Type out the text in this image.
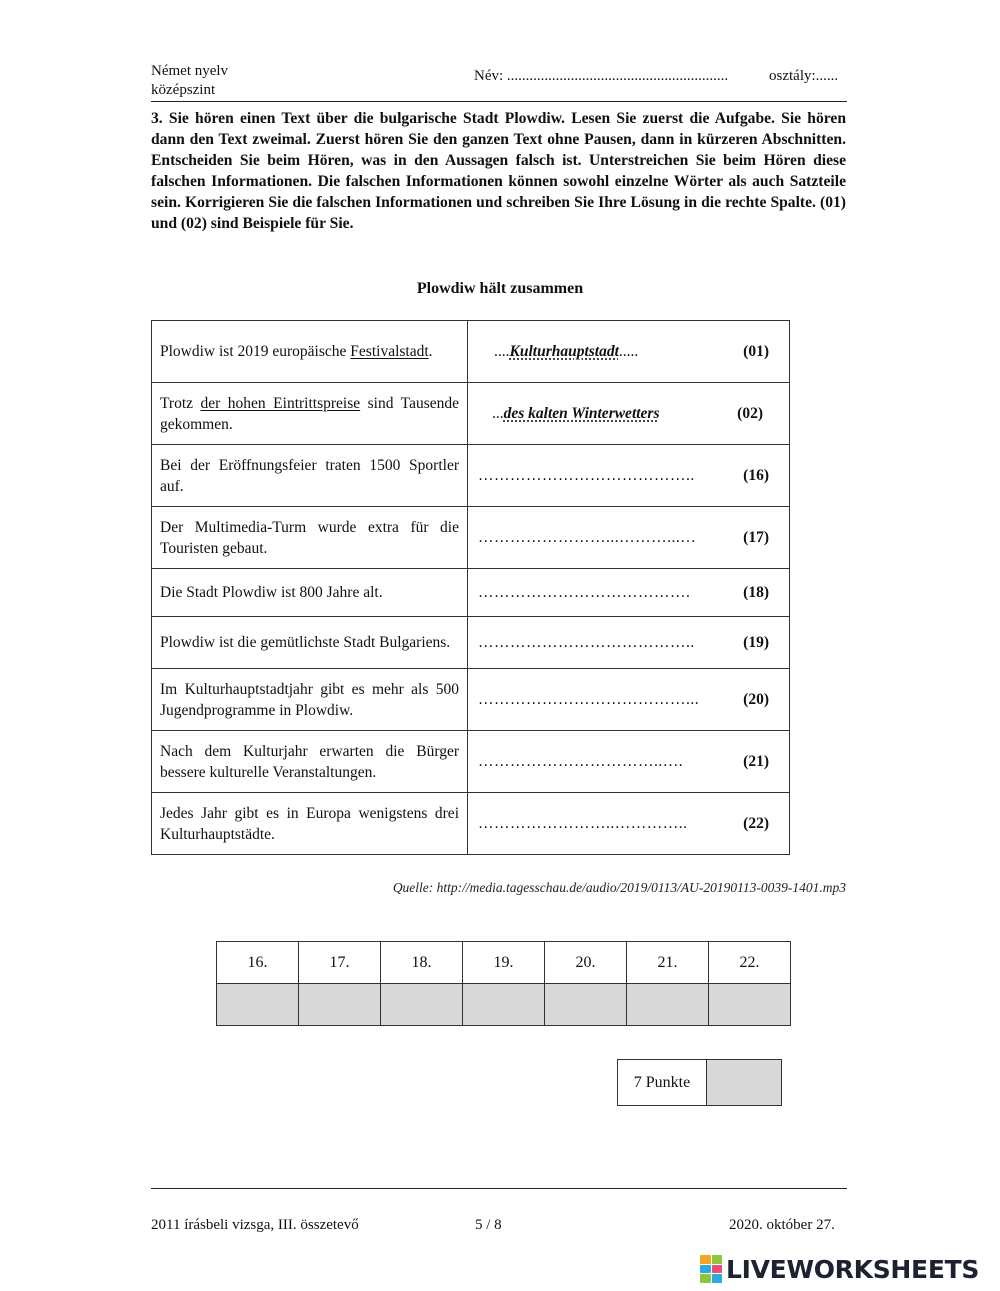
Német nyelv
középszint
Név: ...........................................................	osztály:......
3. Sie hören einen Text über die bulgarische Stadt Plowdiw. Lesen Sie zuerst die Aufgabe. Sie hören dann den Text zweimal. Zuerst hören Sie den ganzen Text ohne Pausen, dann in kürzeren Abschnitten. Entscheiden Sie beim Hören, was in den Aussagen falsch ist. Unterstreichen Sie beim Hören diese falschen Informationen. Die falschen Informationen können sowohl einzelne Wörter als auch Satzteile sein. Korrigieren Sie die falschen Informationen und schreiben Sie Ihre Lösung in die rechte Spalte. (01) und (02) sind Beispiele für Sie.
Plowdiw hält zusammen
Plowdiw ist 2019 europäische Festivalstadt.	....Kulturhauptstadt..... (01)

Trotz der hohen Eintrittspreise sind Tausende gekommen.	...des kalten Winterwetters (02)

Bei der Eröffnungsfeier traten 1500 Sportler auf.	………………………………….. (16)

Der Multimedia-Turm wurde extra für die Touristen gebaut.	……………………...………...… (17)

Die Stadt Plowdiw ist 800 Jahre alt.	…………………………………. (18)

Plowdiw ist die gemütlichste Stadt Bulgariens.	………………………………….. (19)

Im Kulturhauptstadtjahr gibt es mehr als 500 Jugendprogramme in Plowdiw.	…………………………………... (20)

Nach dem Kulturjahr erwarten die Bürger bessere kulturelle Veranstaltungen.	……………………………..…. (21)

Jedes Jahr gibt es in Europa wenigstens drei Kulturhauptstädte.	……………………..………….. (22)
Quelle: http://media.tagesschau.de/audio/2019/0113/AU-20190113-0039-1401.mp3
16.	17.	18.	19.	20.	21.	22.

7 Punkte	
2011 írásbeli vizsga, III. összetevő	5 / 8	2020. október 27.
LIVEWORKSHEETS
